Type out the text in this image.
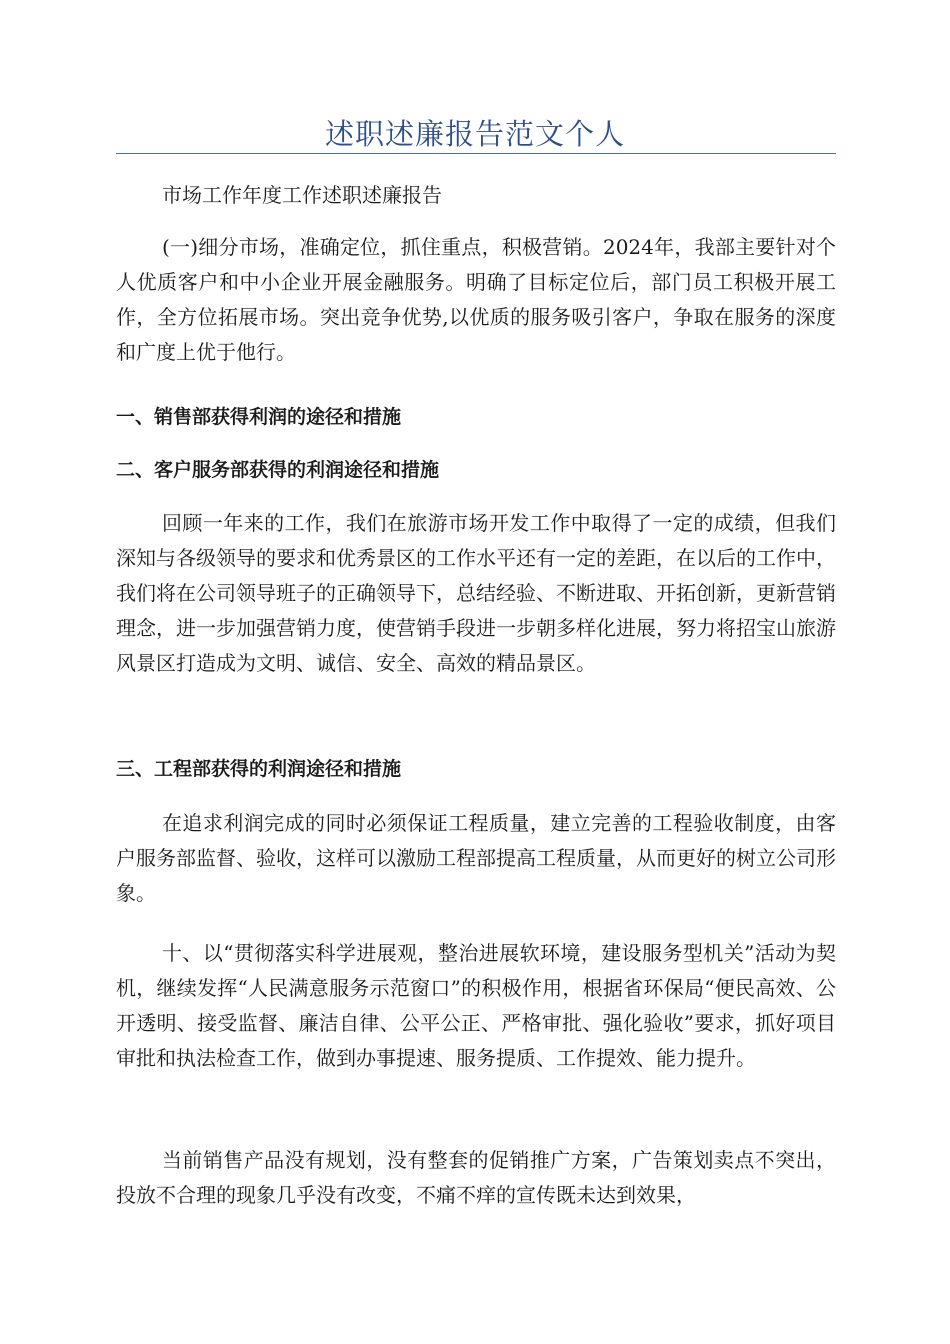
述职述廉报告范文个人

市场工作年度工作述职述廉报告

(一)细分市场，准确定位，抓住重点，积极营销。2024年，我部主要针对个人优质客户和中小企业开展金融服务。明确了目标定位后，部门员工积极开展工作，全方位拓展市场。突出竞争优势,以优质的服务吸引客户，争取在服务的深度和广度上优于他行。

一、销售部获得利润的途径和措施

二、客户服务部获得的利润途径和措施

回顾一年来的工作，我们在旅游市场开发工作中取得了一定的成绩，但我们深知与各级领导的要求和优秀景区的工作水平还有一定的差距，在以后的工作中，我们将在公司领导班子的正确领导下，总结经验、不断进取、开拓创新，更新营销理念，进一步加强营销力度，使营销手段进一步朝多样化进展，努力将招宝山旅游风景区打造成为文明、诚信、安全、高效的精品景区。

三、工程部获得的利润途径和措施

在追求利润完成的同时必须保证工程质量，建立完善的工程验收制度，由客户服务部监督、验收，这样可以激励工程部提高工程质量，从而更好的树立公司形象。

十、以“贯彻落实科学进展观，整治进展软环境，建设服务型机关”活动为契机，继续发挥“人民满意服务示范窗口”的积极作用，根据省环保局“便民高效、公开透明、接受监督、廉洁自律、公平公正、严格审批、强化验收”要求，抓好项目审批和执法检查工作，做到办事提速、服务提质、工作提效、能力提升。

当前销售产品没有规划，没有整套的促销推广方案，广告策划卖点不突出，投放不合理的现象几乎没有改变，不痛不痒的宣传既未达到效果，
